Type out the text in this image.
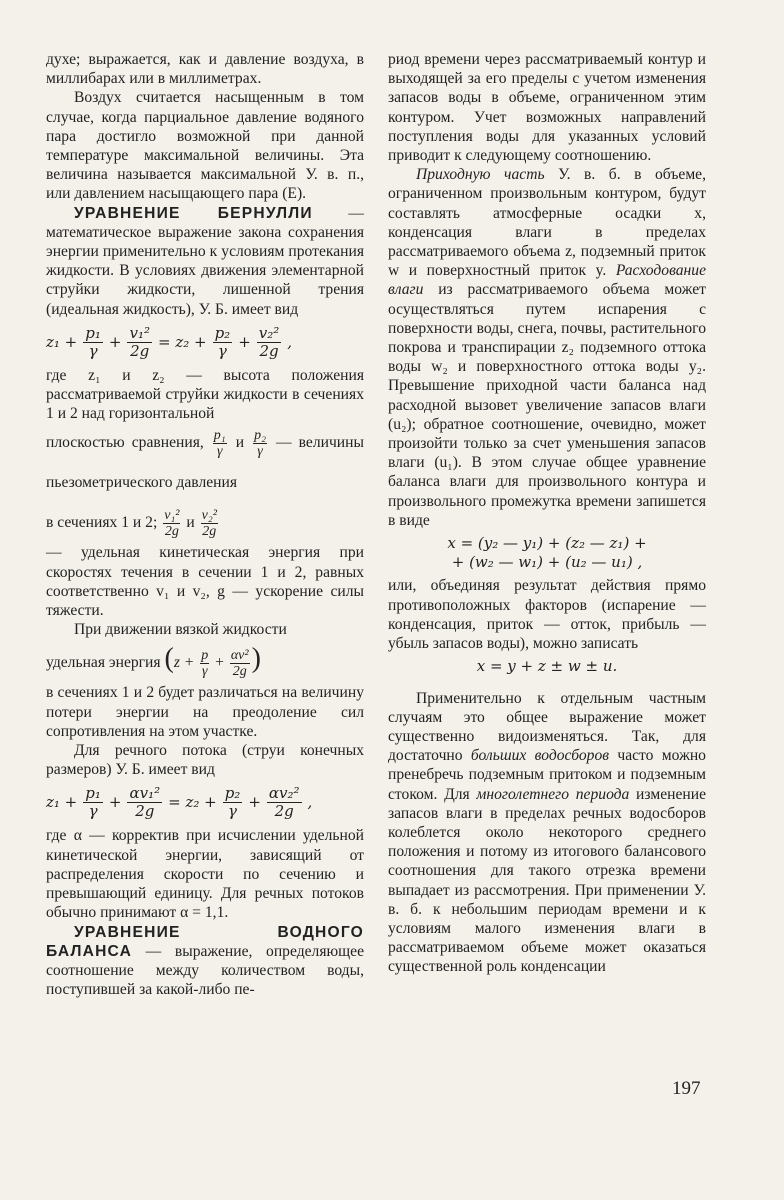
духе; выражается, как и давление воздуха, в миллибарах или в миллиметрах.

Воздух считается насыщенным в том случае, когда парциальное давление водяного пара достигло возможной при данной температуре максимальной величины. Эта величина называется максимальной У. в. п., или давлением насыщающего пара (E).

УРАВНЕНИЕ БЕРНУЛЛИ — математическое выражение закона сохранения энергии применительно к условиям протекания жидкости. В условиях движения элементарной струйки жидкости, лишенной трения (идеальная жидкость), У. Б. имеет вид

$z_1 + \frac{\text{p₁}}{\gamma} + \frac{\text{v₁²}}{2g} = z_2 + \frac{\text{p₂}}{\gamma} + \frac{\text{v₂²}}{2g}$ ,

где z₁ и z₂ — высота положения рассматриваемой струйки жидкости в сечениях 1 и 2 над горизонтальной

плоскостью сравнения, $\frac{\text{p₁}}{\gamma}$ и $\frac{\text{p₂}}{\gamma}$ — величины пьезометрического давления

в сечениях 1 и 2; $\frac{\text{v₁²}}{2g}$ и $\frac{\text{v₂²}}{2g}$

— удельная кинетическая энергия при скоростях течения в сечении 1 и 2, равных соответственно v₁ и v₂, g — ускорение силы тяжести.

При движении вязкой жидкости

удельная энергия ($z + \frac{p}{\gamma} + \frac{\text{αv²}}{2g}$ )

в сечениях 1 и 2 будет различаться на величину потери энергии на преодоление сил сопротивления на этом участке.

Для речного потока (струи конечных размеров) У. Б. имеет вид

$z_1 + \frac{\text{p₁}}{\gamma} + \frac{\text{αv₁²}}{2g} = z_2 + \frac{\text{p₂}}{\gamma} + \frac{\text{αv₂²}}{2g}$ ,

где α — корректив при исчислении удельной кинетической энергии, зависящий от распределения скорости по сечению и превышающий единицу. Для речных потоков обычно принимают α = 1,1.

УРАВНЕНИЕ ВОДНОГО БАЛАНСА — выражение, определяющее соотношение между количеством воды, поступившей за какой-либо пе-

риод времени через рассматриваемый контур и выходящей за его пределы с учетом изменения запасов воды в объеме, ограниченном этим контуром. Учет возможных направлений поступления воды для указанных условий приводит к следующему соотношению.

Приходную часть У. в. б. в объеме, ограниченном произвольным контуром, будут составлять атмосферные осадки x, конденсация влаги в пределах рассматриваемого объема z, подземный приток w и поверхностный приток y. Расходование влаги из рассматриваемого объема может осуществляться путем испарения с поверхности воды, снега, почвы, растительного покрова и транспирации z₂ подземного оттока воды w₂ и поверхностного оттока воды y₂. Превышение приходной части баланса над расходной вызовет увеличение запасов влаги (u₂); обратное соотношение, очевидно, может произойти только за счет уменьшения запасов влаги (u₁). В этом случае общее уравнение баланса влаги для произвольного контура и произвольного промежутка времени запишется в виде

x = (y₂ — y₁) + (z₂ — z₁) +
+ (w₂ — w₁) + (u₂ — u₁) ,

или, объединяя результат действия прямо противоположных факторов (испарение — конденсация, приток — отток, прибыль — убыль запасов воды), можно записать

x = y + z ± w ± u.

Применительно к отдельным частным случаям это общее выражение может существенно видоизменяться. Так, для достаточно больших водосборов часто можно пренебречь подземным притоком и подземным стоком. Для многолетнего периода изменение запасов влаги в пределах речных водосборов колеблется около некоторого среднего положения и потому из итогового балансового соотношения для такого отрезка времени выпадает из рассмотрения. При применении У. в. б. к небольшим периодам времени и к условиям малого изменения влаги в рассматриваемом объеме может оказаться существенной роль конденсации

197
